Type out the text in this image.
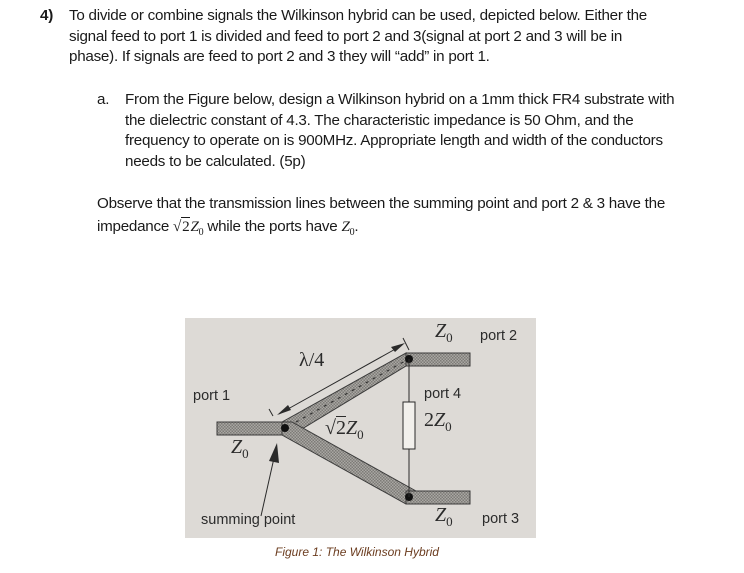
4) To divide or combine signals the Wilkinson hybrid can be used, depicted below. Either the
signal feed to port 1 is divided and feed to port 2 and 3(signal at port 2 and 3 will be in
phase). If signals are feed to port 2 and 3 they will “add” in port 1.
a. From the Figure below, design a Wilkinson hybrid on a 1mm thick FR4 substrate with
the dielectric constant of 4.3. The characteristic impedance is 50 Ohm, and the
frequency to operate on is 900MHz. Appropriate length and width of the conductors
needs to be calculated. (5p)
Observe that the transmission lines between the summing point and port 2 & 3 have the
impedance $√2Z_0$ while the ports have $Z_0$.
port 1
port 2
port 3
port 4
summing point
λ/4
$Z_0$
$Z_0$
$Z_0$
$√2Z_0$
$2Z_0$
Figure 1: The Wilkinson Hybrid
